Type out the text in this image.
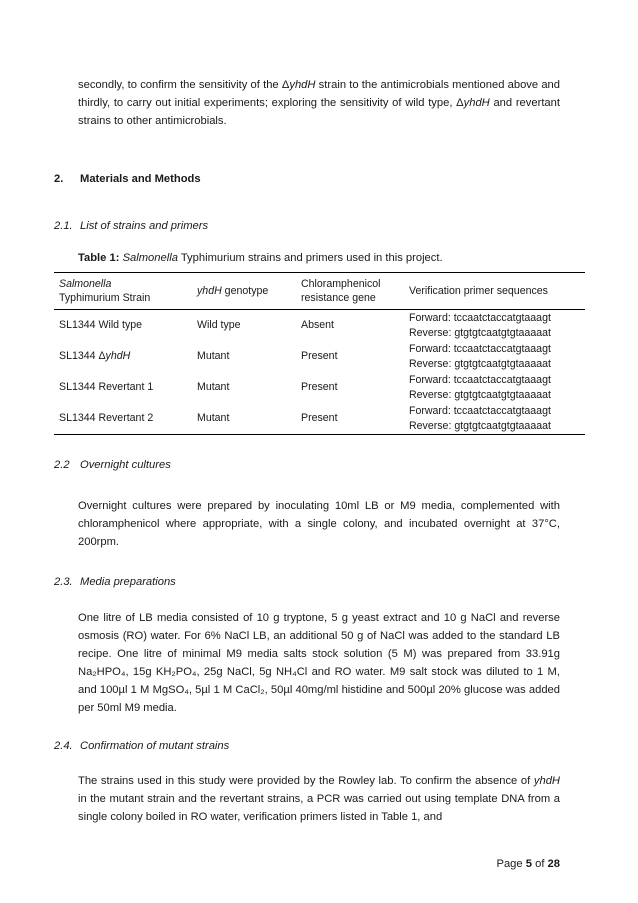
secondly, to confirm the sensitivity of the ΔyhdH strain to the antimicrobials mentioned above and thirdly, to carry out initial experiments; exploring the sensitivity of wild type, ΔyhdH and revertant strains to other antimicrobials.

2. Materials and Methods

2.1. List of strains and primers

Table 1: Salmonella Typhimurium strains and primers used in this project.

Salmonella
Typhimurium Strain	yhdH genotype	Chloramphenicol resistance gene	Verification primer sequences
SL1344 Wild type	Wild type	Absent	Forward: tccaatctaccatgtaaagt
Reverse: gtgtgtcaatgtgtaaaaat
SL1344 ΔyhdH	Mutant	Present	Forward: tccaatctaccatgtaaagt
Reverse: gtgtgtcaatgtgtaaaaat
SL1344 Revertant 1	Mutant	Present	Forward: tccaatctaccatgtaaagt
Reverse: gtgtgtcaatgtgtaaaaat
SL1344 Revertant 2	Mutant	Present	Forward: tccaatctaccatgtaaagt
Reverse: gtgtgtcaatgtgtaaaaat

2.2 Overnight cultures

Overnight cultures were prepared by inoculating 10ml LB or M9 media, complemented with chloramphenicol where appropriate, with a single colony, and incubated overnight at 37°C, 200rpm.

2.3. Media preparations

One litre of LB media consisted of 10 g tryptone, 5 g yeast extract and 10 g NaCl and reverse osmosis (RO) water. For 6% NaCl LB, an additional 50 g of NaCl was added to the standard LB recipe. One litre of minimal M9 media salts stock solution (5 M) was prepared from 33.91g Na₂HPO₄, 15g KH₂PO₄, 25g NaCl, 5g NH₄Cl and RO water. M9 salt stock was diluted to 1 M, and 100µl 1 M MgSO₄, 5µl 1 M CaCl₂, 50µl 40mg/ml histidine and 500µl 20% glucose was added per 50ml M9 media.

2.4. Confirmation of mutant strains

The strains used in this study were provided by the Rowley lab. To confirm the absence of yhdH in the mutant strain and the revertant strains, a PCR was carried out using template DNA from a single colony boiled in RO water, verification primers listed in Table 1, and

Page 5 of 28
